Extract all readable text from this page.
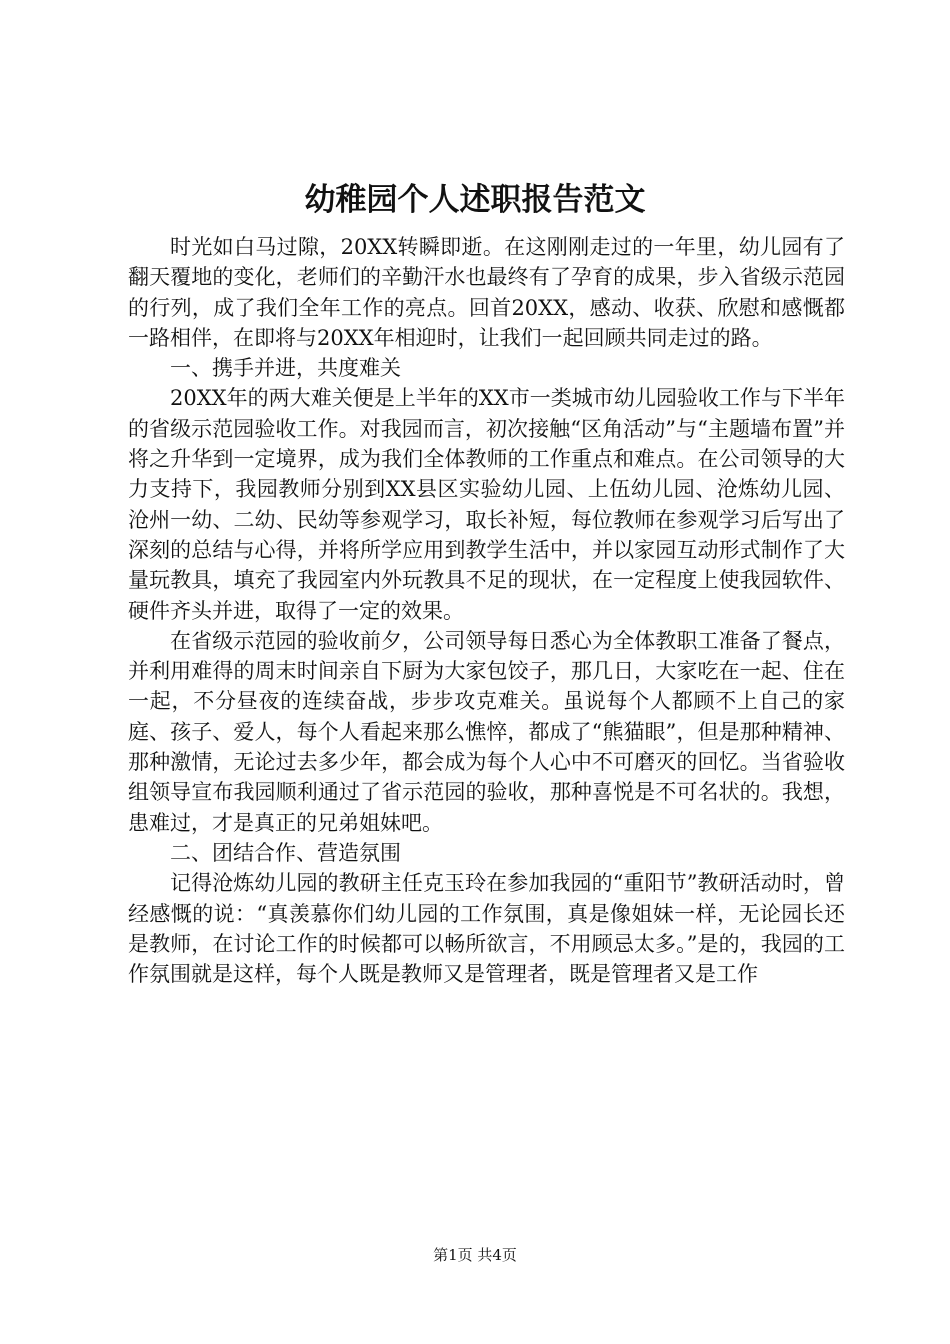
幼稚园个人述职报告范文

时光如白马过隙，20XX转瞬即逝。在这刚刚走过的一年里，幼儿园有了翻天覆地的变化，老师们的辛勤汗水也最终有了孕育的成果，步入省级示范园的行列，成了我们全年工作的亮点。回首20XX，感动、收获、欣慰和感慨都一路相伴，在即将与20XX年相迎时，让我们一起回顾共同走过的路。

一、携手并进，共度难关

20XX年的两大难关便是上半年的XX市一类城市幼儿园验收工作与下半年的省级示范园验收工作。对我园而言，初次接触“区角活动”与“主题墙布置”并将之升华到一定境界，成为我们全体教师的工作重点和难点。在公司领导的大力支持下，我园教师分别到XX县区实验幼儿园、上伍幼儿园、沧炼幼儿园、沧州一幼、二幼、民幼等参观学习，取长补短，每位教师在参观学习后写出了深刻的总结与心得，并将所学应用到教学生活中，并以家园互动形式制作了大量玩教具，填充了我园室内外玩教具不足的现状，在一定程度上使我园软件、硬件齐头并进，取得了一定的效果。

在省级示范园的验收前夕，公司领导每日悉心为全体教职工准备了餐点，并利用难得的周末时间亲自下厨为大家包饺子，那几日，大家吃在一起、住在一起，不分昼夜的连续奋战，步步攻克难关。虽说每个人都顾不上自己的家庭、孩子、爱人，每个人看起来那么憔悴，都成了“熊猫眼”，但是那种精神、那种激情，无论过去多少年，都会成为每个人心中不可磨灭的回忆。当省验收组领导宣布我园顺利通过了省示范园的验收，那种喜悦是不可名状的。我想，患难过，才是真正的兄弟姐妹吧。

二、团结合作、营造氛围

记得沧炼幼儿园的教研主任克玉玲在参加我园的“重阳节”教研活动时，曾经感慨的说：“真羡慕你们幼儿园的工作氛围，真是像姐妹一样，无论园长还是教师，在讨论工作的时候都可以畅所欲言，不用顾忌太多。”是的，我园的工作氛围就是这样，每个人既是教师又是管理者，既是管理者又是工作

第1页 共4页
